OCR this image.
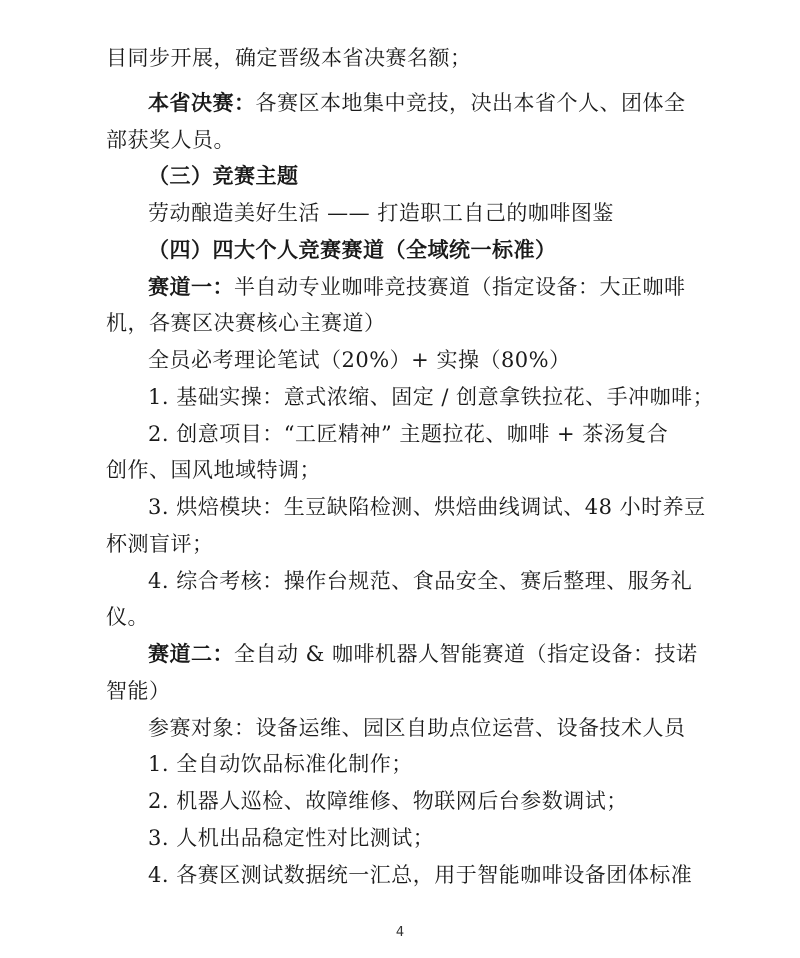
目同步开展，确定晋级本省决赛名额；
本省决赛：各赛区本地集中竞技，决出本省个人、团体全
部获奖人员。
（三）竞赛主题
劳动酿造美好生活 —— 打造职工自己的咖啡图鉴
（四）四大个人竞赛赛道（全域统一标准）
赛道一：半自动专业咖啡竞技赛道（指定设备：大正咖啡
机，各赛区决赛核心主赛道）
全员必考理论笔试（20%）+ 实操（80%）
1. 基础实操：意式浓缩、固定 / 创意拿铁拉花、手冲咖啡；
2. 创意项目：“工匠精神” 主题拉花、咖啡 + 茶汤复合
创作、国风地域特调；
3. 烘焙模块：生豆缺陷检测、烘焙曲线调试、48 小时养豆
杯测盲评；
4. 综合考核：操作台规范、食品安全、赛后整理、服务礼
仪。
赛道二：全自动 & 咖啡机器人智能赛道（指定设备：技诺
智能）
参赛对象：设备运维、园区自助点位运营、设备技术人员
1. 全自动饮品标准化制作；
2. 机器人巡检、故障维修、物联网后台参数调试；
3. 人机出品稳定性对比测试；
4. 各赛区测试数据统一汇总，用于智能咖啡设备团体标准
4
